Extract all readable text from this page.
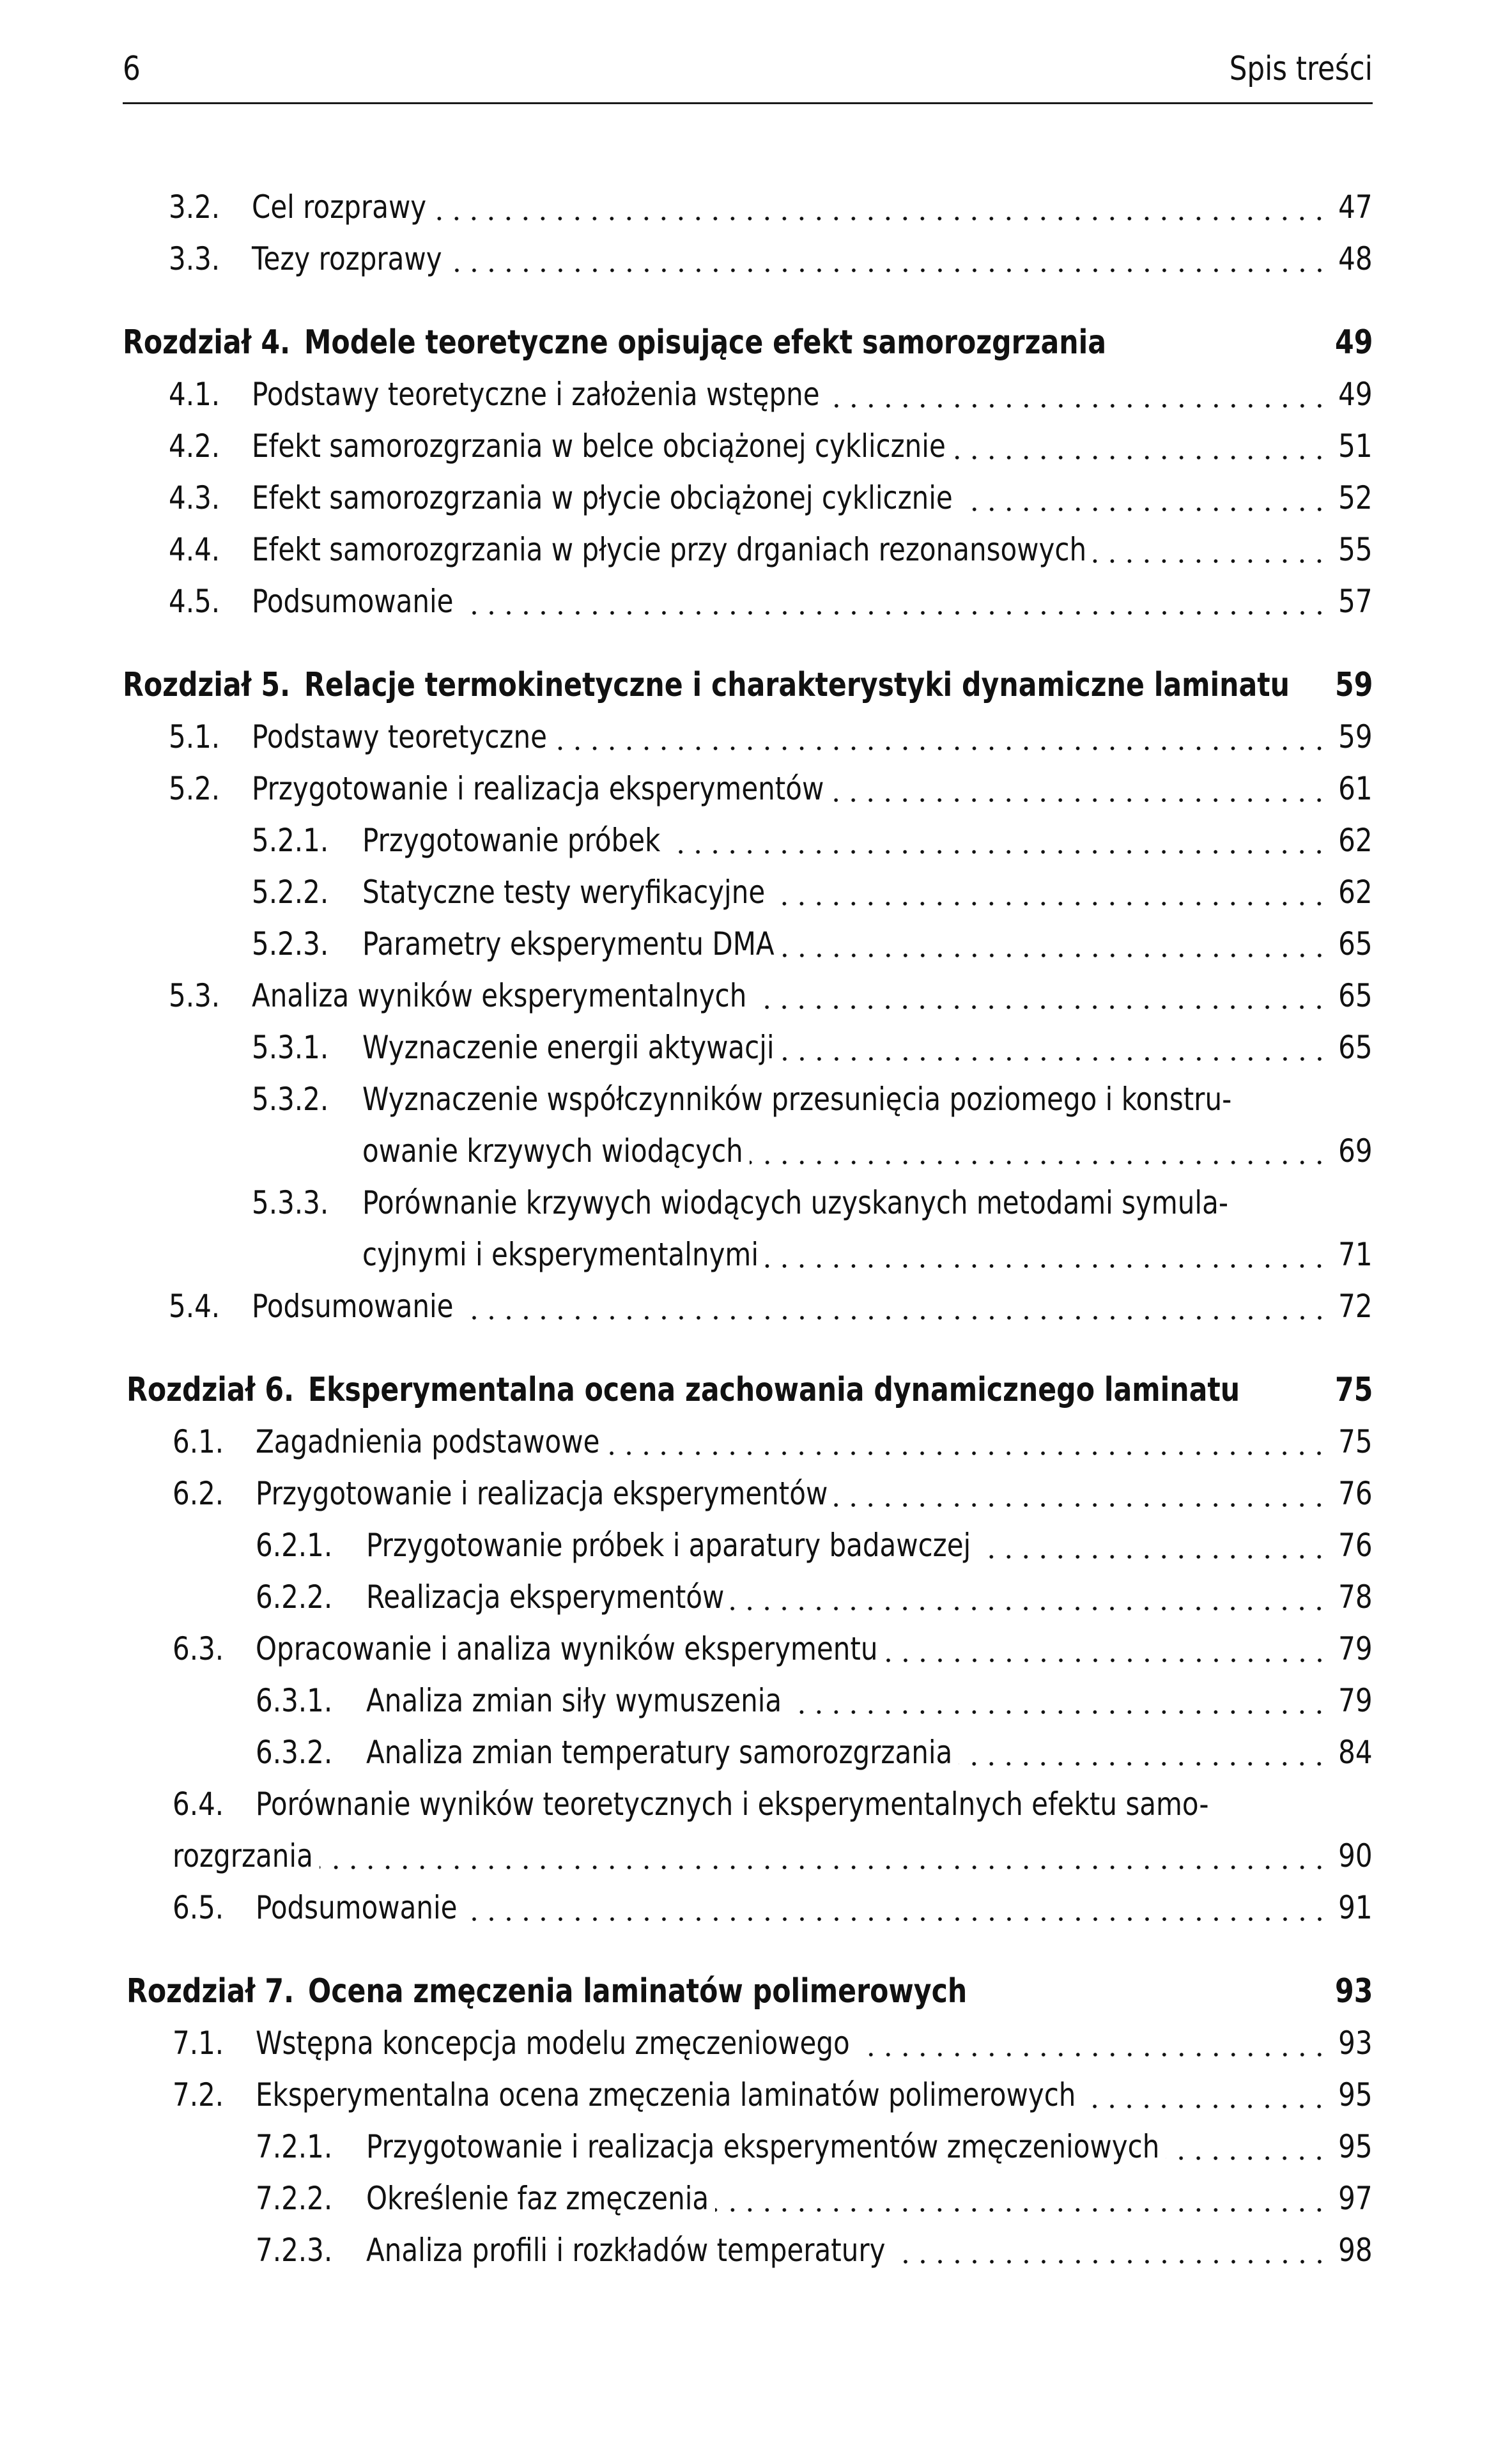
6	Spis treści
3.2. Cel rozprawy	47
3.3. Tezy rozprawy	48
Rozdział 4. Modele teoretyczne opisujące efekt samorozgrzania	49
4.1. Podstawy teoretyczne i założenia wstępne	49
4.2. Efekt samorozgrzania w belce obciążonej cyklicznie	51
4.3. Efekt samorozgrzania w płycie obciążonej cyklicznie	52
4.4. Efekt samorozgrzania w płycie przy drganiach rezonansowych	55
4.5. Podsumowanie	57
Rozdział 5. Relacje termokinetyczne i charakterystyki dynamiczne laminatu	59
5.1. Podstawy teoretyczne	59
5.2. Przygotowanie i realizacja eksperymentów	61
5.2.1.	Przygotowanie próbek	62
5.2.2.	Statyczne testy weryfikacyjne	62
5.2.3.	Parametry eksperymentu DMA	65
5.3. Analiza wyników eksperymentalnych	65
5.3.1.	Wyznaczenie energii aktywacji	65
5.3.2.	Wyznaczenie współczynników przesunięcia poziomego i konstru-
owanie krzywych wiodących	69
5.3.3.	Porównanie krzywych wiodących uzyskanych metodami symula-
cyjnymi i eksperymentalnymi	71
5.4. Podsumowanie	72
Rozdział 6. Eksperymentalna ocena zachowania dynamicznego laminatu	75
6.1. Zagadnienia podstawowe	75
6.2. Przygotowanie i realizacja eksperymentów	76
6.2.1.	Przygotowanie próbek i aparatury badawczej	76
6.2.2.	Realizacja eksperymentów	78
6.3. Opracowanie i analiza wyników eksperymentu	79
6.3.1.	Analiza zmian siły wymuszenia	79
6.3.2.	Analiza zmian temperatury samorozgrzania	84
6.4. Porównanie wyników teoretycznych i eksperymentalnych efektu samo-
rozgrzania	90
6.5. Podsumowanie	91
Rozdział 7. Ocena zmęczenia laminatów polimerowych	93
7.1. Wstępna koncepcja modelu zmęczeniowego	93
7.2. Eksperymentalna ocena zmęczenia laminatów polimerowych	95
7.2.1.	Przygotowanie i realizacja eksperymentów zmęczeniowych	95
7.2.2.	Określenie faz zmęczenia	97
7.2.3.	Analiza profili i rozkładów temperatury	98
